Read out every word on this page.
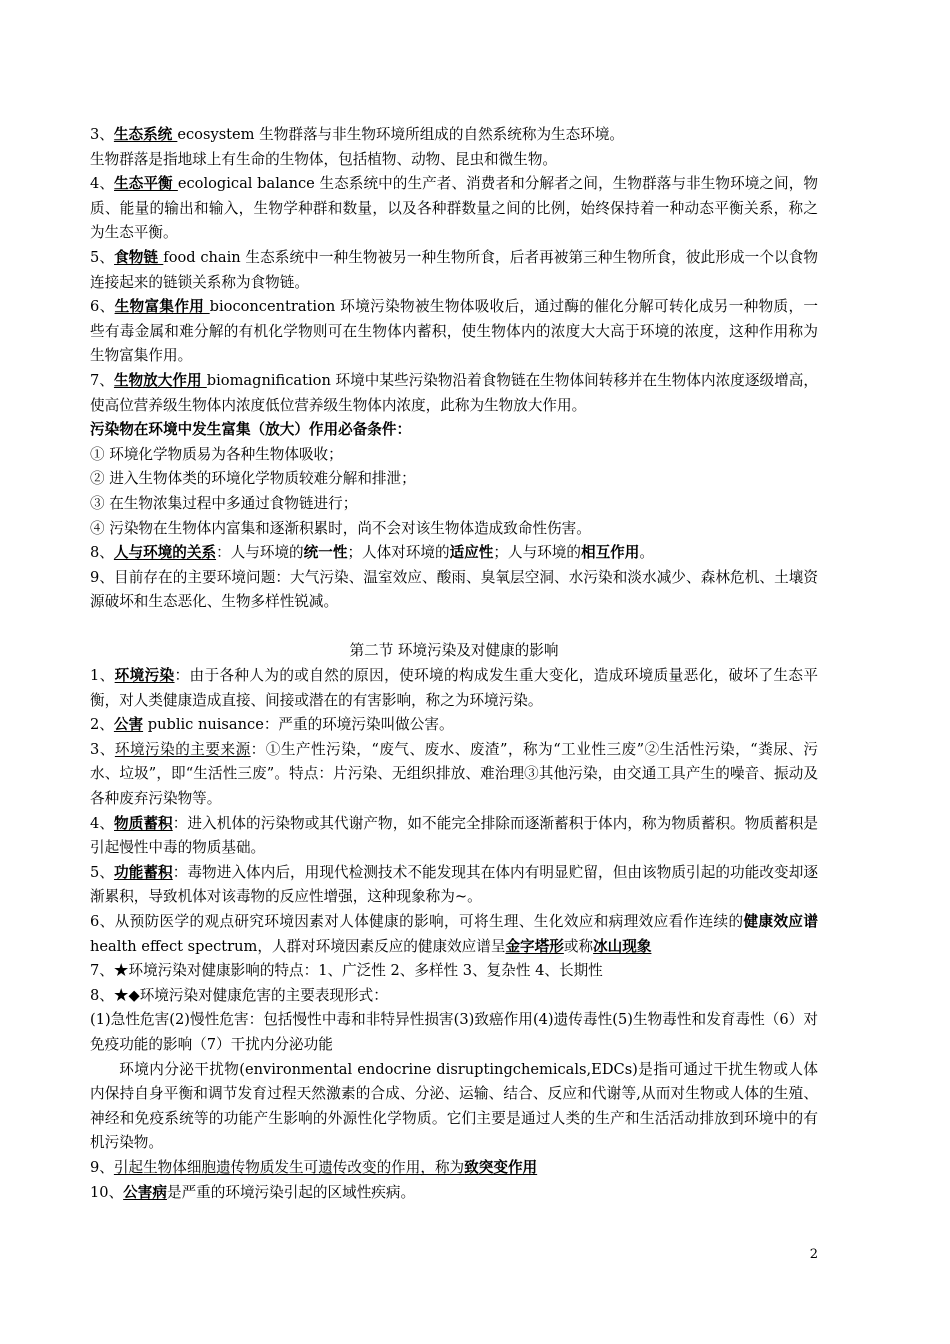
3、生态系统 ecosystem 生物群落与非生物环境所组成的自然系统称为生态环境。

生物群落是指地球上有生命的生物体，包括植物、动物、昆虫和微生物。

4、生态平衡 ecological balance 生态系统中的生产者、消费者和分解者之间，生物群落与非生物环境之间，物质、能量的输出和输入，生物学种群和数量，以及各种群数量之间的比例，始终保持着一种动态平衡关系，称之为生态平衡。

5、食物链 food chain 生态系统中一种生物被另一种生物所食，后者再被第三种生物所食，彼此形成一个以食物连接起来的链锁关系称为食物链。

6、生物富集作用 bioconcentration 环境污染物被生物体吸收后，通过酶的催化分解可转化成另一种物质，一些有毒金属和难分解的有机化学物则可在生物体内蓄积，使生物体内的浓度大大高于环境的浓度，这种作用称为生物富集作用。

7、生物放大作用 biomagnification 环境中某些污染物沿着食物链在生物体间转移并在生物体内浓度逐级增高，使高位营养级生物体内浓度低位营养级生物体内浓度，此称为生物放大作用。

污染物在环境中发生富集（放大）作用必备条件：

① 环境化学物质易为各种生物体吸收；

② 进入生物体类的环境化学物质较难分解和排泄；

③ 在生物浓集过程中多通过食物链进行；

④ 污染物在生物体内富集和逐渐积累时，尚不会对该生物体造成致命性伤害。

8、人与环境的关系：人与环境的统一性；人体对环境的适应性；人与环境的相互作用。

9、目前存在的主要环境问题：大气污染、温室效应、酸雨、臭氧层空洞、水污染和淡水减少、森林危机、土壤资源破坏和生态恶化、生物多样性锐减。

第二节 环境污染及对健康的影响

1、环境污染：由于各种人为的或自然的原因，使环境的构成发生重大变化，造成环境质量恶化，破坏了生态平衡，对人类健康造成直接、间接或潜在的有害影响，称之为环境污染。

2、公害 public nuisance：严重的环境污染叫做公害。

3、环境污染的主要来源：①生产性污染，“废气、废水、废渣”，称为“工业性三废”②生活性污染，“粪尿、污水、垃圾”，即“生活性三废”。特点：片污染、无组织排放、难治理③其他污染，由交通工具产生的噪音、振动及各种废弃污染物等。

4、物质蓄积：进入机体的污染物或其代谢产物，如不能完全排除而逐渐蓄积于体内，称为物质蓄积。物质蓄积是引起慢性中毒的物质基础。

5、功能蓄积：毒物进入体内后，用现代检测技术不能发现其在体内有明显贮留，但由该物质引起的功能改变却逐渐累积，导致机体对该毒物的反应性增强，这种现象称为~。

6、从预防医学的观点研究环境因素对人体健康的影响，可将生理、生化效应和病理效应看作连续的健康效应谱 health effect spectrum，人群对环境因素反应的健康效应谱呈金字塔形或称冰山现象

7、★环境污染对健康影响的特点：1、广泛性 2、多样性 3、复杂性 4、长期性

8、★◆环境污染对健康危害的主要表现形式：

(1)急性危害(2)慢性危害：包括慢性中毒和非特异性损害(3)致癌作用(4)遗传毒性(5)生物毒性和发育毒性（6）对免疫功能的影响（7）干扰内分泌功能

环境内分泌干扰物(environmental endocrine disruptingchemicals,EDCs)是指可通过干扰生物或人体内保持自身平衡和调节发育过程天然激素的合成、分泌、运输、结合、反应和代谢等,从而对生物或人体的生殖、神经和免疫系统等的功能产生影响的外源性化学物质。它们主要是通过人类的生产和生活活动排放到环境中的有机污染物。

9、引起生物体细胞遗传物质发生可遗传改变的作用，称为致突变作用

10、公害病是严重的环境污染引起的区域性疾病。

2
